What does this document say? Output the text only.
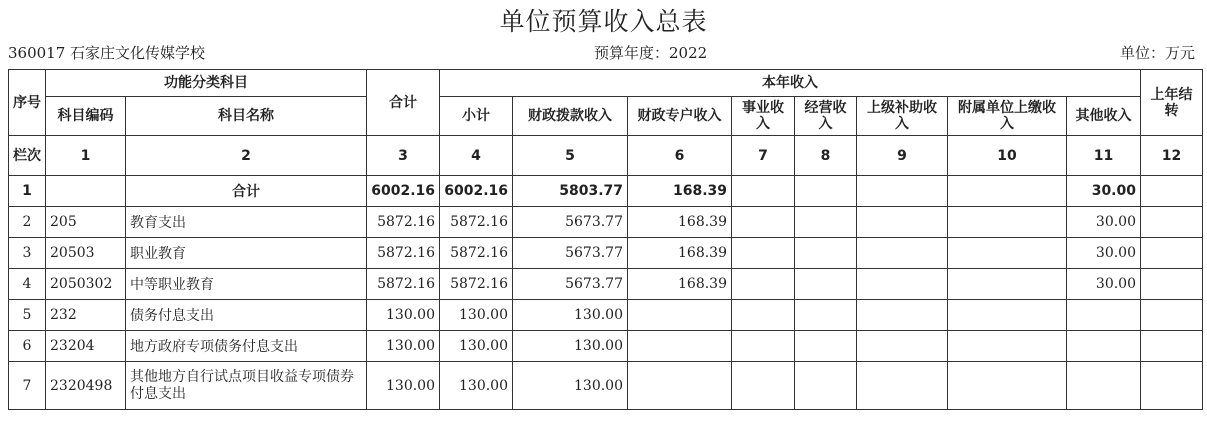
单位预算收入总表
360017 石家庄文化传媒学校	预算年度：2022	单位：万元
序号	功能分类科目		合计	本年收入								上年结转
	科目编码	科目名称		小计	财政拨款收入	财政专户收入	事业收入	经营收入	上级补助收入	附属单位上缴收入	其他收入	
栏次	1	2	3	4	5	6	7	8	9	10	11	12
1		合计	6002.16	6002.16	5803.77	168.39					30.00	
2	205	教育支出	5872.16	5872.16	5673.77	168.39					30.00	
3	20503	职业教育	5872.16	5872.16	5673.77	168.39					30.00	
4	2050302	中等职业教育	5872.16	5872.16	5673.77	168.39					30.00	
5	232	债务付息支出	130.00	130.00	130.00							
6	23204	地方政府专项债务付息支出	130.00	130.00	130.00							
7	2320498	其他地方自行试点项目收益专项债券付息支出	130.00	130.00	130.00							
